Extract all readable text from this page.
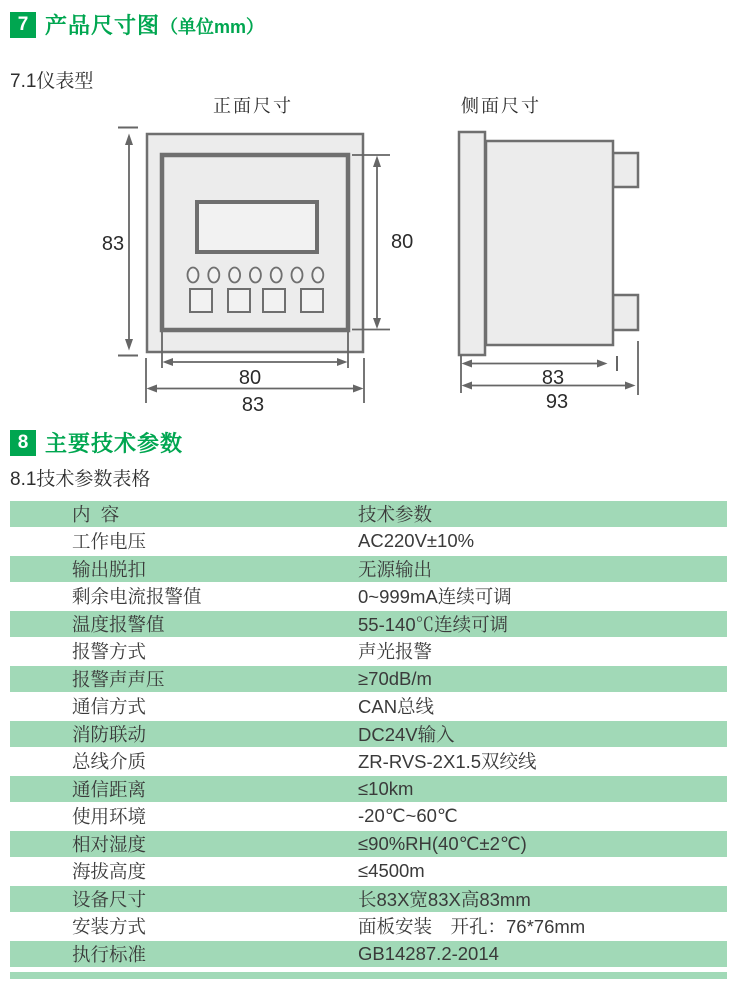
7 产品尺寸图（单位mm）
7.1仪表型
正面尺寸
83	80
80
83
侧面尺寸
83
93
8 主要技术参数
8.1技术参数表格
内  容	技术参数
工作电压	AC220V±10%
输出脱扣	无源输出
剩余电流报警值	0~999mA连续可调
温度报警值	55-140℃连续可调
报警方式	声光报警
报警声声压	≥70dB/m
通信方式	CAN总线
消防联动	DC24V输入
总线介质	ZR-RVS-2X1.5双绞线
通信距离	≤10km
使用环境	-20℃~60℃
相对湿度	≤90%RH(40℃±2℃)
海拔高度	≤4500m
设备尺寸	长83X宽83X高83mm
安装方式	面板安装　开孔：76*76mm
执行标准	GB14287.2-2014
